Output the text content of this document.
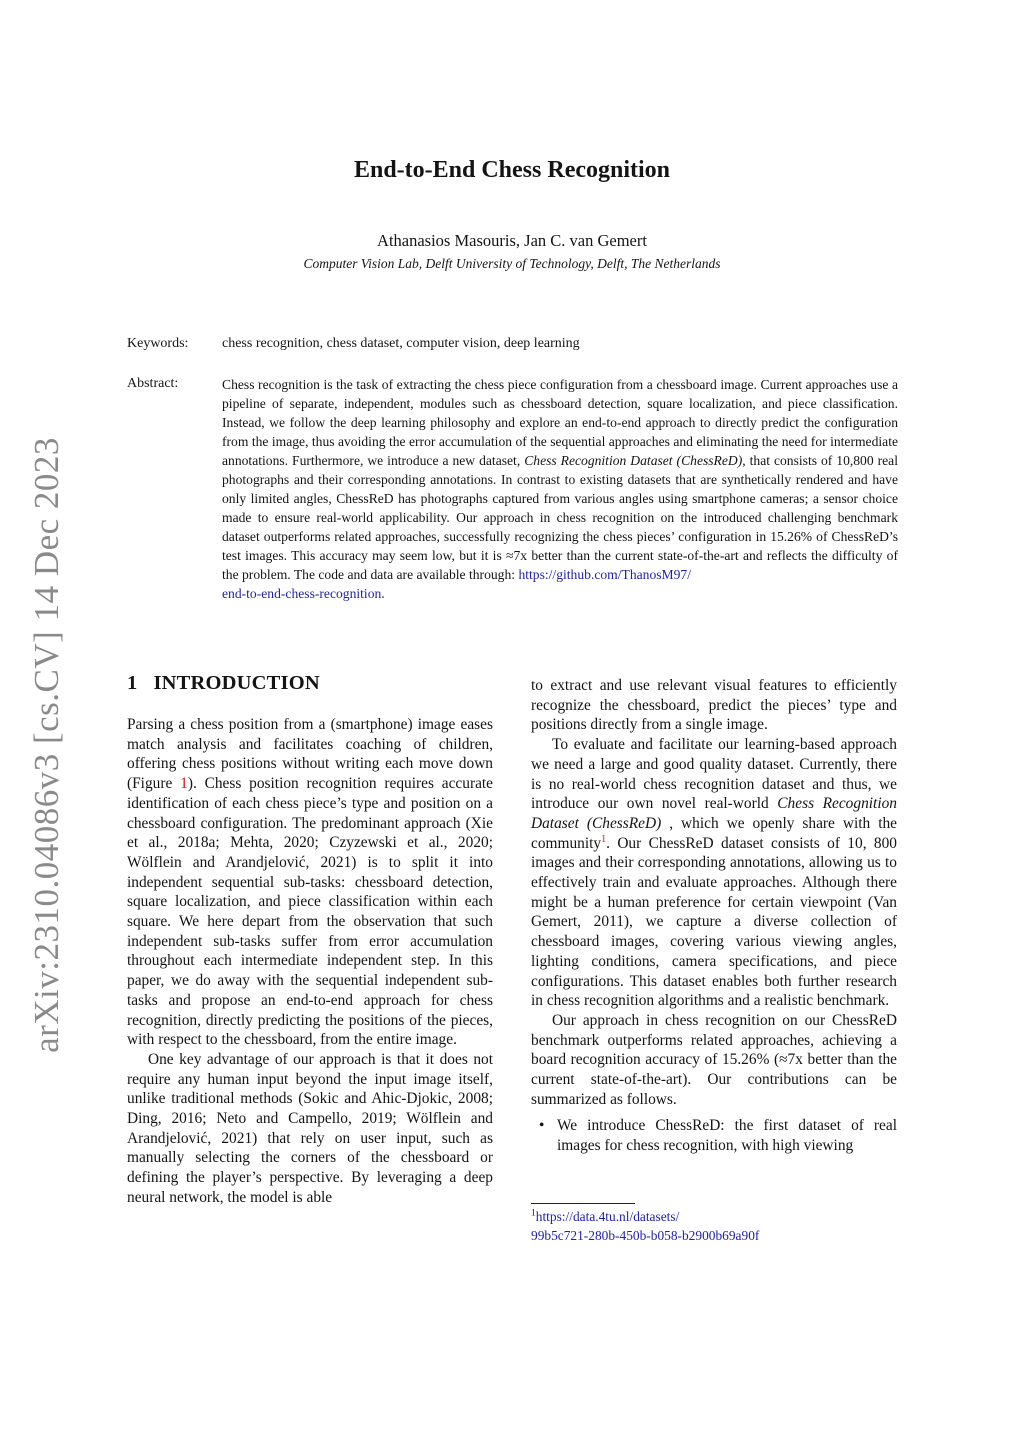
arXiv:2310.04086v3 [cs.CV] 14 Dec 2023
End-to-End Chess Recognition
Athanasios Masouris, Jan C. van Gemert
Computer Vision Lab, Delft University of Technology, Delft, The Netherlands
Keywords: chess recognition, chess dataset, computer vision, deep learning
Abstract:	Chess recognition is the task of extracting the chess piece configuration from a chessboard image. Current approaches use a pipeline of separate, independent, modules such as chessboard detection, square localization, and piece classification. Instead, we follow the deep learning philosophy and explore an end-to-end approach to directly predict the configuration from the image, thus avoiding the error accumulation of the sequential approaches and eliminating the need for intermediate annotations. Furthermore, we introduce a new dataset, Chess Recognition Dataset (ChessReD), that consists of 10,800 real photographs and their corresponding annotations. In contrast to existing datasets that are synthetically rendered and have only limited angles, ChessReD has photographs captured from various angles using smartphone cameras; a sensor choice made to ensure real-world applicability. Our approach in chess recognition on the introduced challenging benchmark dataset outperforms related approaches, successfully recognizing the chess pieces’ configuration in 15.26% of ChessReD’s test images. This accuracy may seem low, but it is ≈7x better than the current state-of-the-art and reflects the difficulty of the problem. The code and data are available through: https://github.com/ThanosM97/
end-to-end-chess-recognition.
1 INTRODUCTION

Parsing a chess position from a (smartphone) image eases match analysis and facilitates coaching of children, offering chess positions without writing each move down (Figure 1). Chess position recognition requires accurate identification of each chess piece’s type and position on a chessboard configuration. The predominant approach (Xie et al., 2018a; Mehta, 2020; Czyzewski et al., 2020; Wölflein and Arandjelović, 2021) is to split it into independent sequential sub-tasks: chessboard detection, square localization, and piece classification within each square. We here depart from the observation that such independent sub-tasks suffer from error accumulation throughout each intermediate independent step. In this paper, we do away with the sequential independent sub-tasks and propose an end-to-end approach for chess recognition, directly predicting the positions of the pieces, with respect to the chessboard, from the entire image.

One key advantage of our approach is that it does not require any human input beyond the input image itself, unlike traditional methods (Sokic and Ahic-Djokic, 2008; Ding, 2016; Neto and Campello, 2019; Wölflein and Arandjelović, 2021) that rely on user input, such as manually selecting the corners of the chessboard or defining the player’s perspective. By leveraging a deep neural network, the model is able

to extract and use relevant visual features to efficiently recognize the chessboard, predict the pieces’ type and positions directly from a single image.

To evaluate and facilitate our learning-based approach we need a large and good quality dataset. Currently, there is no real-world chess recognition dataset and thus, we introduce our own novel real-world Chess Recognition Dataset (ChessReD) , which we openly share with the community$^1$. Our ChessReD dataset consists of 10, 800 images and their corresponding annotations, allowing us to effectively train and evaluate approaches. Although there might be a human preference for certain viewpoint (Van Gemert, 2011), we capture a diverse collection of chessboard images, covering various viewing angles, lighting conditions, camera specifications, and piece configurations. This dataset enables both further research in chess recognition algorithms and a realistic benchmark.

Our approach in chess recognition on our ChessReD benchmark outperforms related approaches, achieving a board recognition accuracy of 15.26% (≈7x better than the current state-of-the-art). Our contributions can be summarized as follows.

• We introduce ChessReD: the first dataset of real images for chess recognition, with high viewing
$^1$https://data.4tu.nl/datasets/
99b5c721-280b-450b-b058-b2900b69a90f
